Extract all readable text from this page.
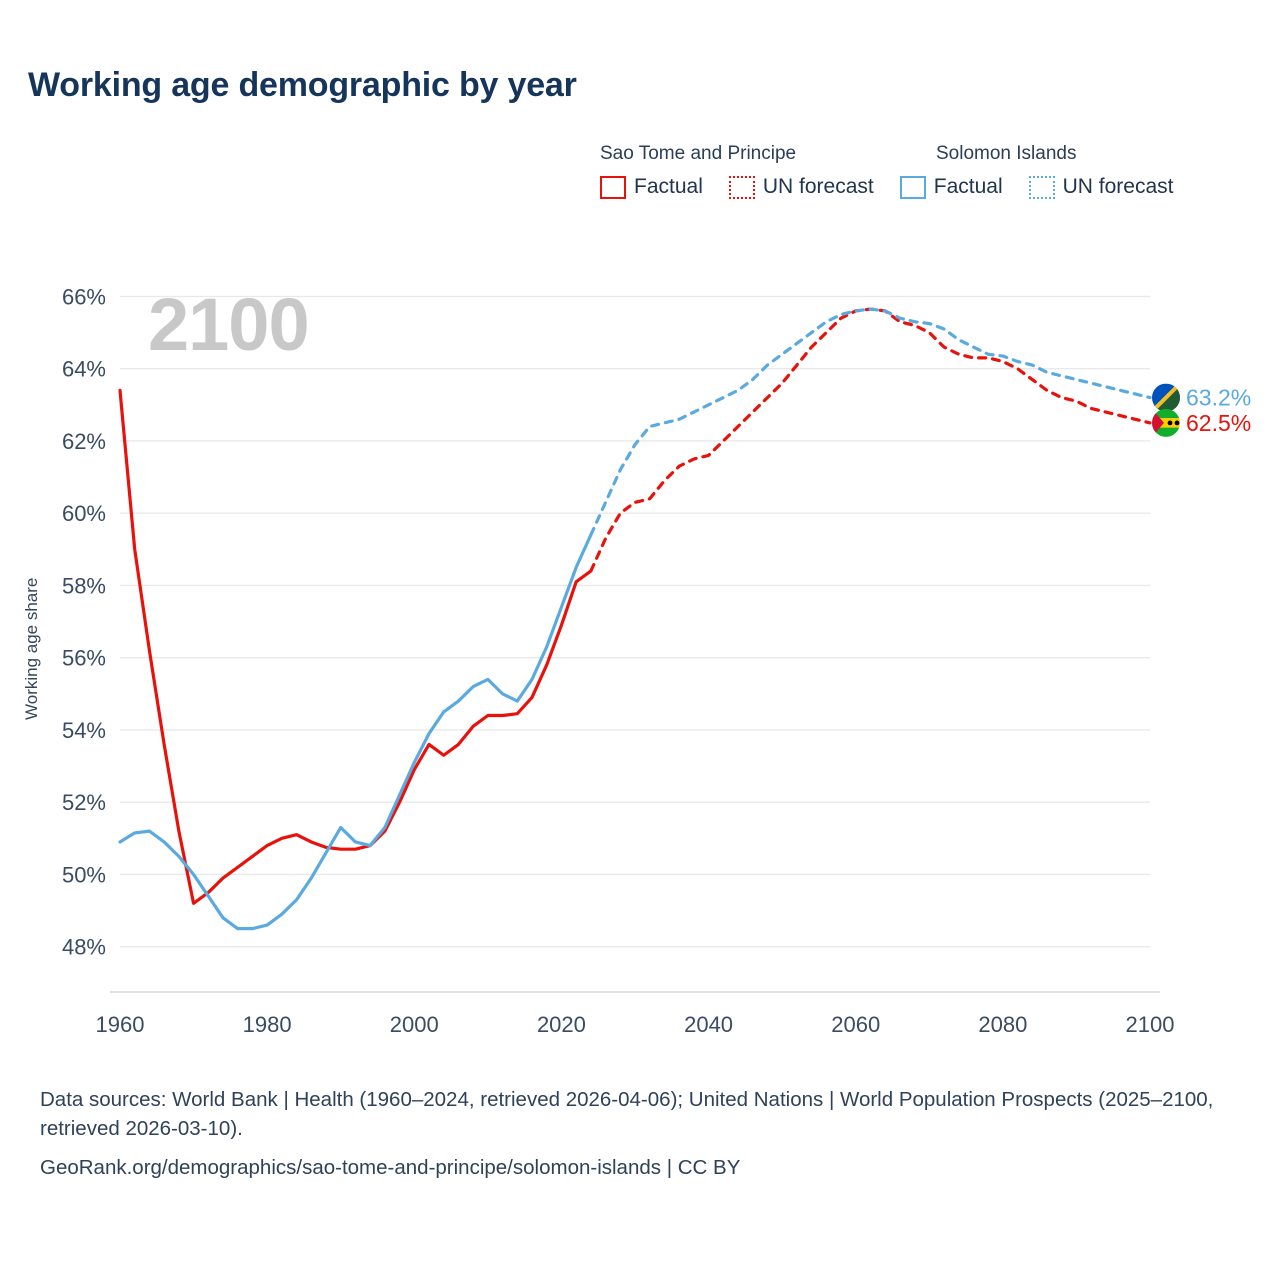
Working age demographic by year
Sao Tome and Principe	Solomon Islands
Factual	UN forecast	Factual	UN forecast
2100
Working age share
48%
50%
52%
54%
56%
58%
60%
62%
64%
66%
1960	1980	2000	2020	2040	2060	2080	2100
63.2%
62.5%
Data sources: World Bank | Health (1960–2024, retrieved 2026-04-06); United Nations | World Population Prospects (2025–2100, retrieved 2026-03-10).
GeoRank.org/demographics/sao-tome-and-principe/solomon-islands | CC BY
